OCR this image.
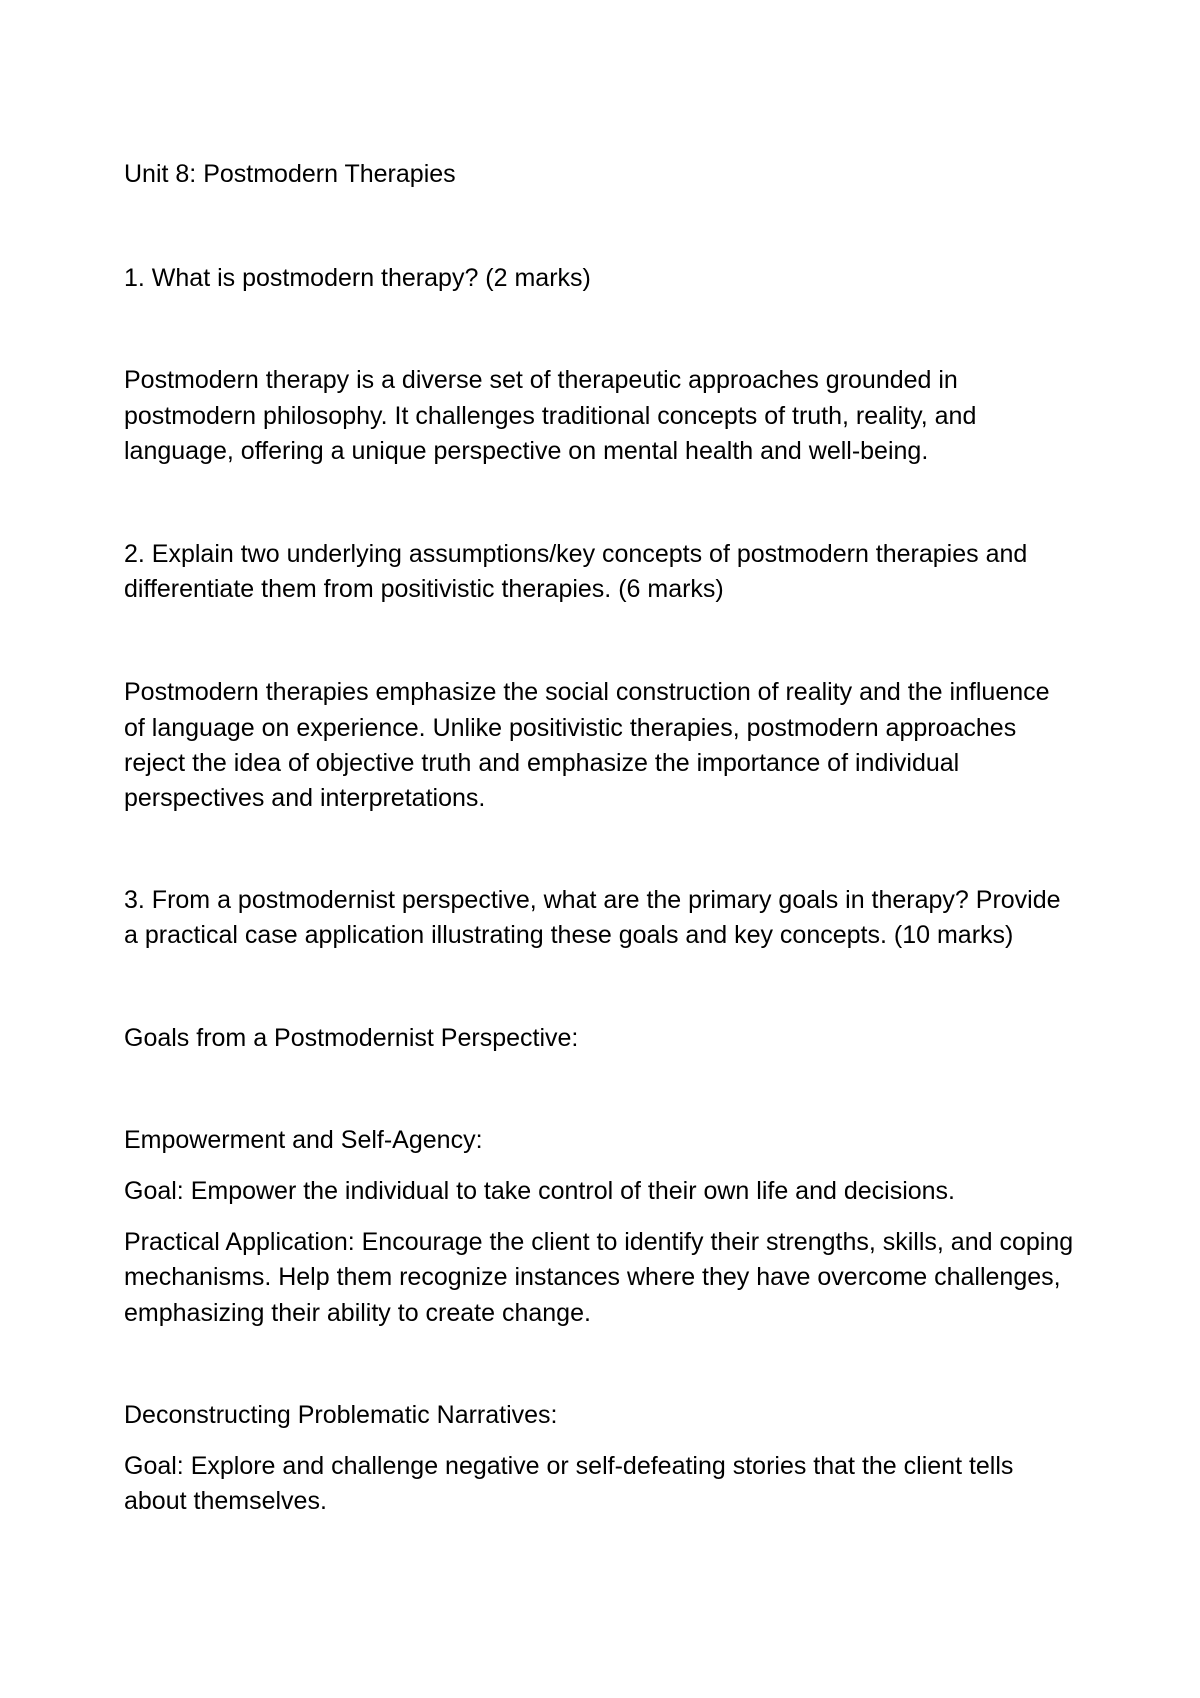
Unit 8: Postmodern Therapies

1. What is postmodern therapy? (2 marks)

Postmodern therapy is a diverse set of therapeutic approaches grounded in

postmodern philosophy. It challenges traditional concepts of truth, reality, and

language, offering a unique perspective on mental health and well-being.

2. Explain two underlying assumptions/key concepts of postmodern therapies and

differentiate them from positivistic therapies. (6 marks)

Postmodern therapies emphasize the social construction of reality and the influence

of language on experience. Unlike positivistic therapies, postmodern approaches

reject the idea of objective truth and emphasize the importance of individual

perspectives and interpretations.

3. From a postmodernist perspective, what are the primary goals in therapy? Provide

a practical case application illustrating these goals and key concepts. (10 marks)

Goals from a Postmodernist Perspective:

Empowerment and Self-Agency:

Goal: Empower the individual to take control of their own life and decisions.

Practical Application: Encourage the client to identify their strengths, skills, and coping

mechanisms. Help them recognize instances where they have overcome challenges,

emphasizing their ability to create change.

Deconstructing Problematic Narratives:

Goal: Explore and challenge negative or self-defeating stories that the client tells

about themselves.
